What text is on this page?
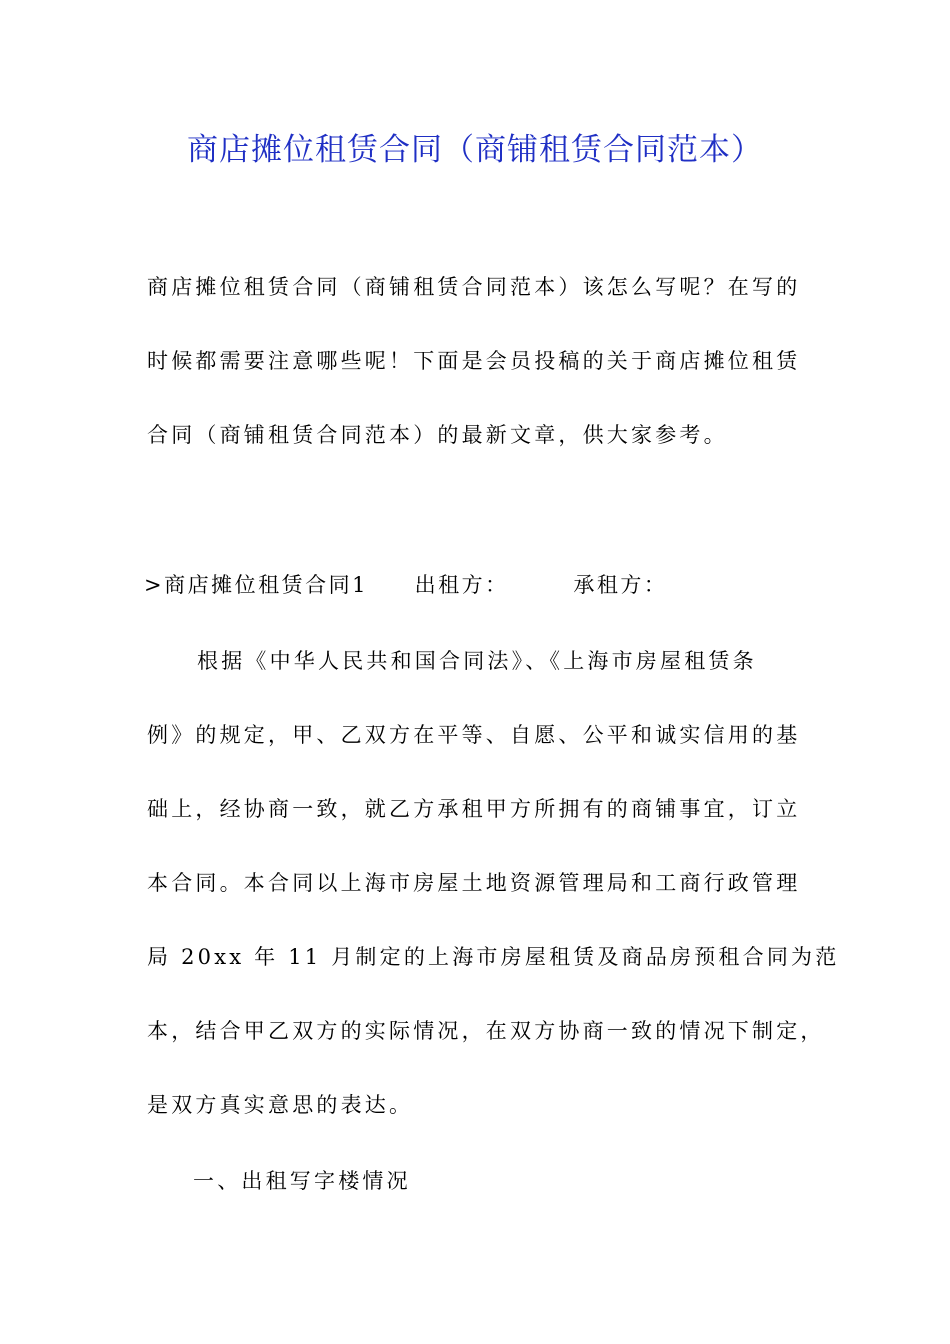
商店摊位租赁合同（商铺租赁合同范本）
商店摊位租赁合同（商铺租赁合同范本）该怎么写呢？在写的
时候都需要注意哪些呢！下面是会员投稿的关于商店摊位租赁
合同（商铺租赁合同范本）的最新文章，供大家参考。
>商店摊位租赁合同1 出租方：	承租方：
根据《中华人民共和国合同法》、《上海市房屋租赁条
例》的规定，甲、乙双方在平等、自愿、公平和诚实信用的基
础上，经协商一致，就乙方承租甲方所拥有的商铺事宜，订立
本合同。本合同以上海市房屋土地资源管理局和工商行政管理
局 20xx 年 11 月制定的上海市房屋租赁及商品房预租合同为范
本，结合甲乙双方的实际情况，在双方协商一致的情况下制定，
是双方真实意思的表达。
一、出租写字楼情况
